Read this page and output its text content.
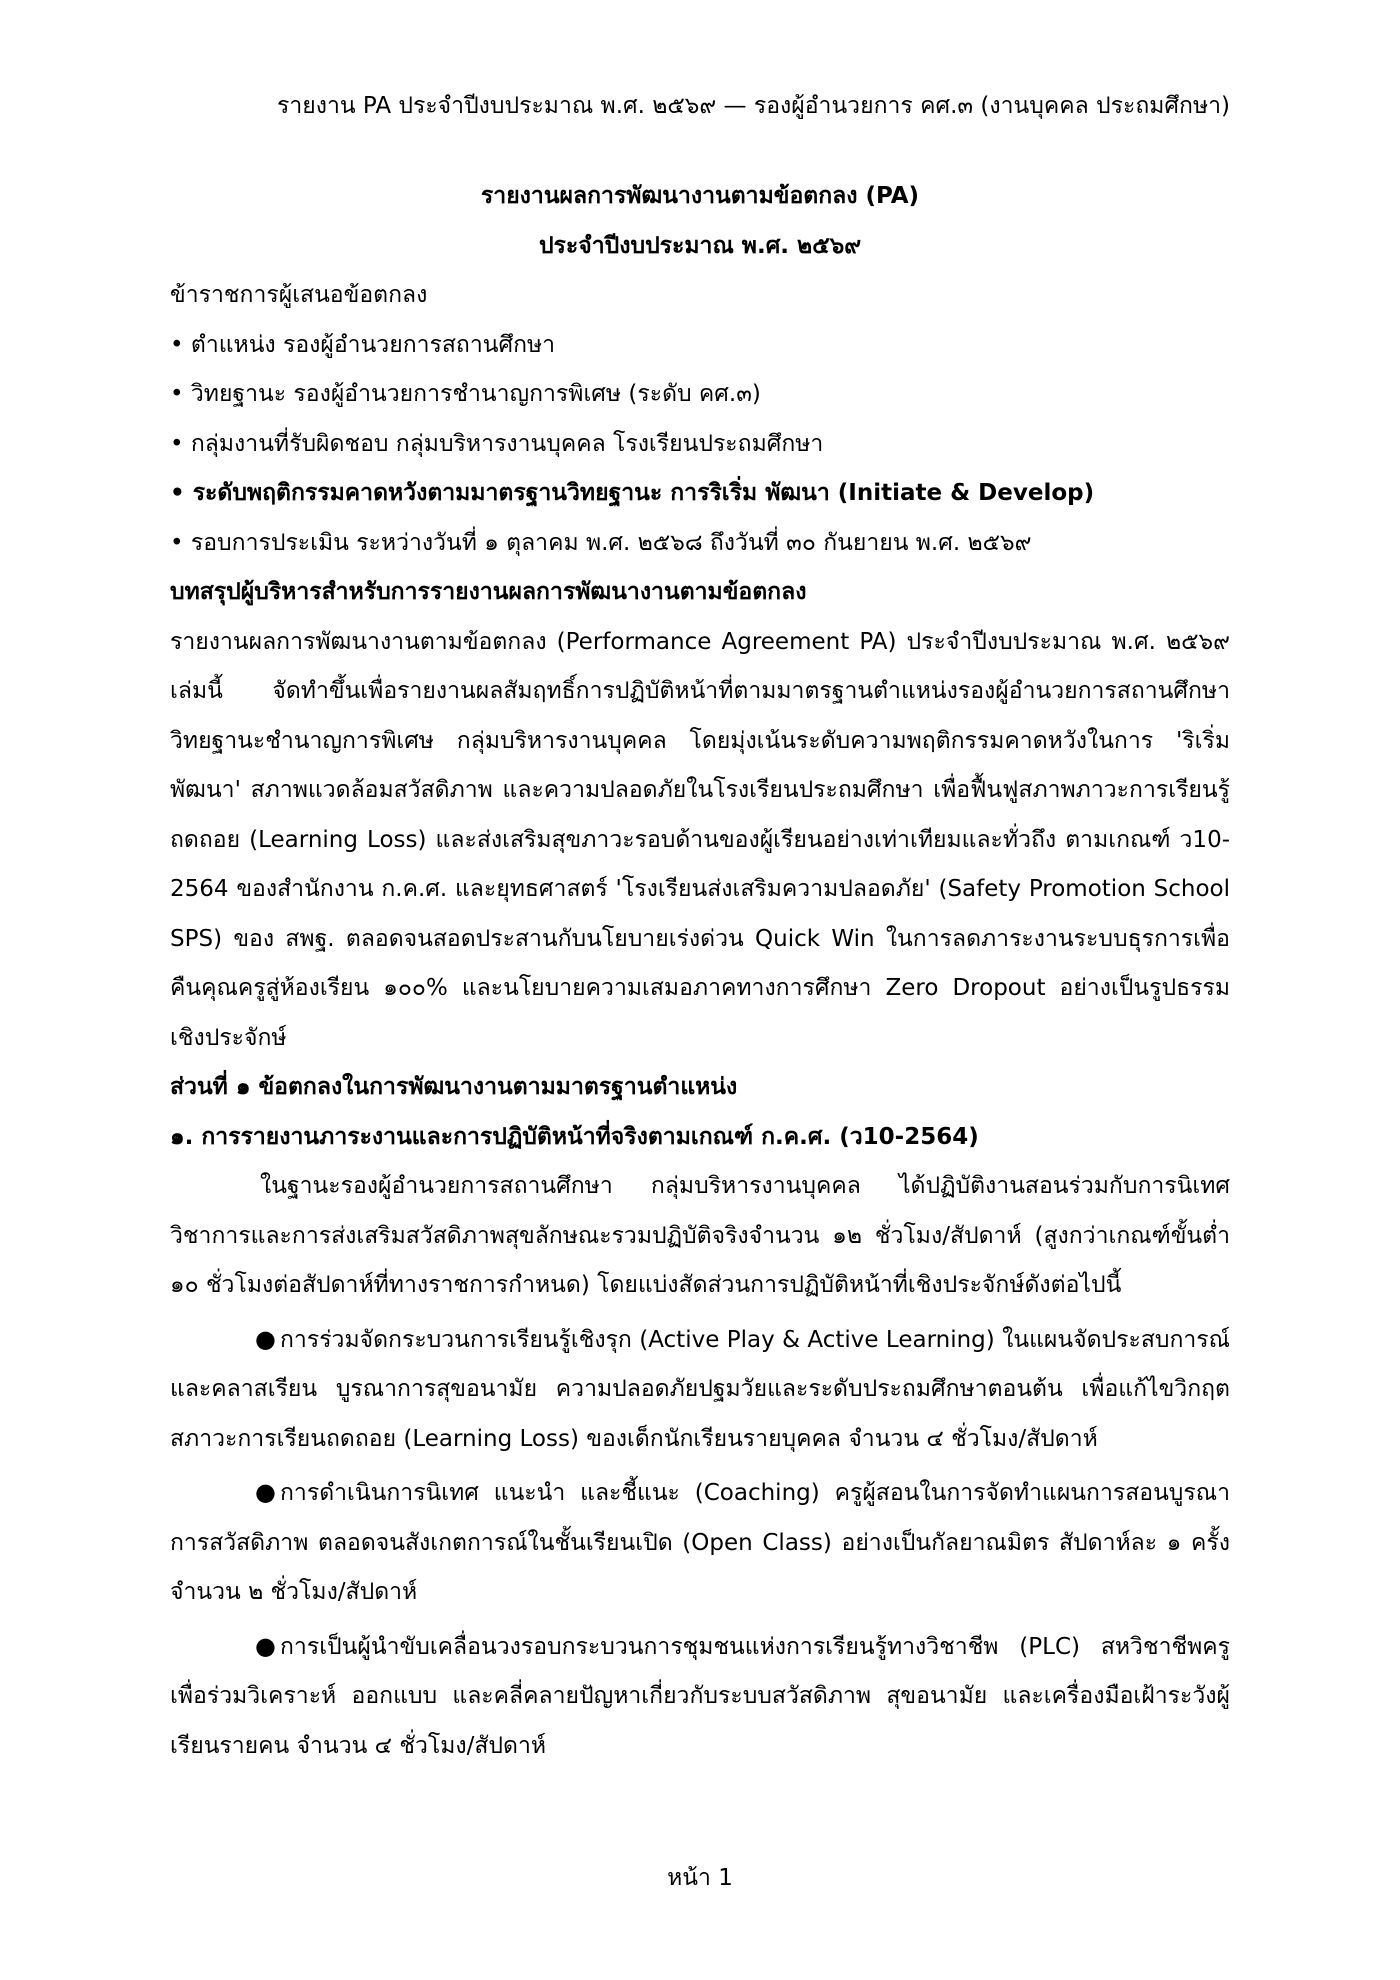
รายงาน PA ประจำปีงบประมาณ พ.ศ. ๒๕๖๙ — รองผู้อำนวยการ คศ.๓ (งานบุคคล ประถมศึกษา)
รายงานผลการพัฒนางานตามข้อตกลง (PA)
ประจำปีงบประมาณ พ.ศ. ๒๕๖๙
ข้าราชการผู้เสนอข้อตกลง
• ตำแหน่ง รองผู้อำนวยการสถานศึกษา
• วิทยฐานะ รองผู้อำนวยการชำนาญการพิเศษ (ระดับ คศ.๓)
• กลุ่มงานที่รับผิดชอบ กลุ่มบริหารงานบุคคล โรงเรียนประถมศึกษา
• ระดับพฤติกรรมคาดหวังตามมาตรฐานวิทยฐานะ การริเริ่ม พัฒนา (Initiate & Develop)
• รอบการประเมิน ระหว่างวันที่ ๑ ตุลาคม พ.ศ. ๒๕๖๘ ถึงวันที่ ๓๐ กันยายน พ.ศ. ๒๕๖๙
บทสรุปผู้บริหารสำหรับการรายงานผลการพัฒนางานตามข้อตกลง
รายงานผลการพัฒนางานตามข้อตกลง (Performance Agreement PA) ประจำปีงบประมาณ พ.ศ. ๒๕๖๙ เล่มนี้ จัดทำขึ้นเพื่อรายงานผลสัมฤทธิ์การปฏิบัติหน้าที่ตามมาตรฐานตำแหน่งรองผู้อำนวยการสถานศึกษา วิทยฐานะชำนาญการพิเศษ กลุ่มบริหารงานบุคคล โดยมุ่งเน้นระดับความพฤติกรรมคาดหวังในการ 'ริเริ่ม พัฒนา' สภาพแวดล้อมสวัสดิภาพ และความปลอดภัยในโรงเรียนประถมศึกษา เพื่อฟื้นฟูสภาพภาวะการเรียนรู้ถดถอย (Learning Loss) และส่งเสริมสุขภาวะรอบด้านของผู้เรียนอย่างเท่าเทียมและทั่วถึง ตามเกณฑ์ ว10-2564 ของสำนักงาน ก.ค.ศ. และยุทธศาสตร์ 'โรงเรียนส่งเสริมความปลอดภัย' (Safety Promotion School SPS) ของ สพฐ. ตลอดจนสอดประสานกับนโยบายเร่งด่วน Quick Win ในการลดภาระงานระบบธุรการเพื่อคืนคุณครูสู่ห้องเรียน ๑๐๐% และนโยบายความเสมอภาคทางการศึกษา Zero Dropout อย่างเป็นรูปธรรมเชิงประจักษ์
ส่วนที่ ๑ ข้อตกลงในการพัฒนางานตามมาตรฐานตำแหน่ง
๑. การรายงานภาระงานและการปฏิบัติหน้าที่จริงตามเกณฑ์ ก.ค.ศ. (ว10-2564)
ในฐานะรองผู้อำนวยการสถานศึกษา กลุ่มบริหารงานบุคคล ได้ปฏิบัติงานสอนร่วมกับการนิเทศวิชาการและการส่งเสริมสวัสดิภาพสุขลักษณะรวมปฏิบัติจริงจำนวน ๑๒ ชั่วโมง/สัปดาห์ (สูงกว่าเกณฑ์ขั้นต่ำ ๑๐ ชั่วโมงต่อสัปดาห์ที่ทางราชการกำหนด) โดยแบ่งสัดส่วนการปฏิบัติหน้าที่เชิงประจักษ์ดังต่อไปนี้
● การร่วมจัดกระบวนการเรียนรู้เชิงรุก (Active Play & Active Learning) ในแผนจัดประสบการณ์และคลาสเรียน บูรณาการสุขอนามัย ความปลอดภัยปฐมวัยและระดับประถมศึกษาตอนต้น เพื่อแก้ไขวิกฤตสภาวะการเรียนถดถอย (Learning Loss) ของเด็กนักเรียนรายบุคคล จำนวน ๔ ชั่วโมง/สัปดาห์
● การดำเนินการนิเทศ แนะนำ และชี้แนะ (Coaching) ครูผู้สอนในการจัดทำแผนการสอนบูรณาการสวัสดิภาพ ตลอดจนสังเกตการณ์ในชั้นเรียนเปิด (Open Class) อย่างเป็นกัลยาณมิตร สัปดาห์ละ ๑ ครั้ง จำนวน ๒ ชั่วโมง/สัปดาห์
● การเป็นผู้นำขับเคลื่อนวงรอบกระบวนการชุมชนแห่งการเรียนรู้ทางวิชาชีพ (PLC) สหวิชาชีพครู เพื่อร่วมวิเคราะห์ ออกแบบ และคลี่คลายปัญหาเกี่ยวกับระบบสวัสดิภาพ สุขอนามัย และเครื่องมือเฝ้าระวังผู้เรียนรายคน จำนวน ๔ ชั่วโมง/สัปดาห์
หน้า 1
